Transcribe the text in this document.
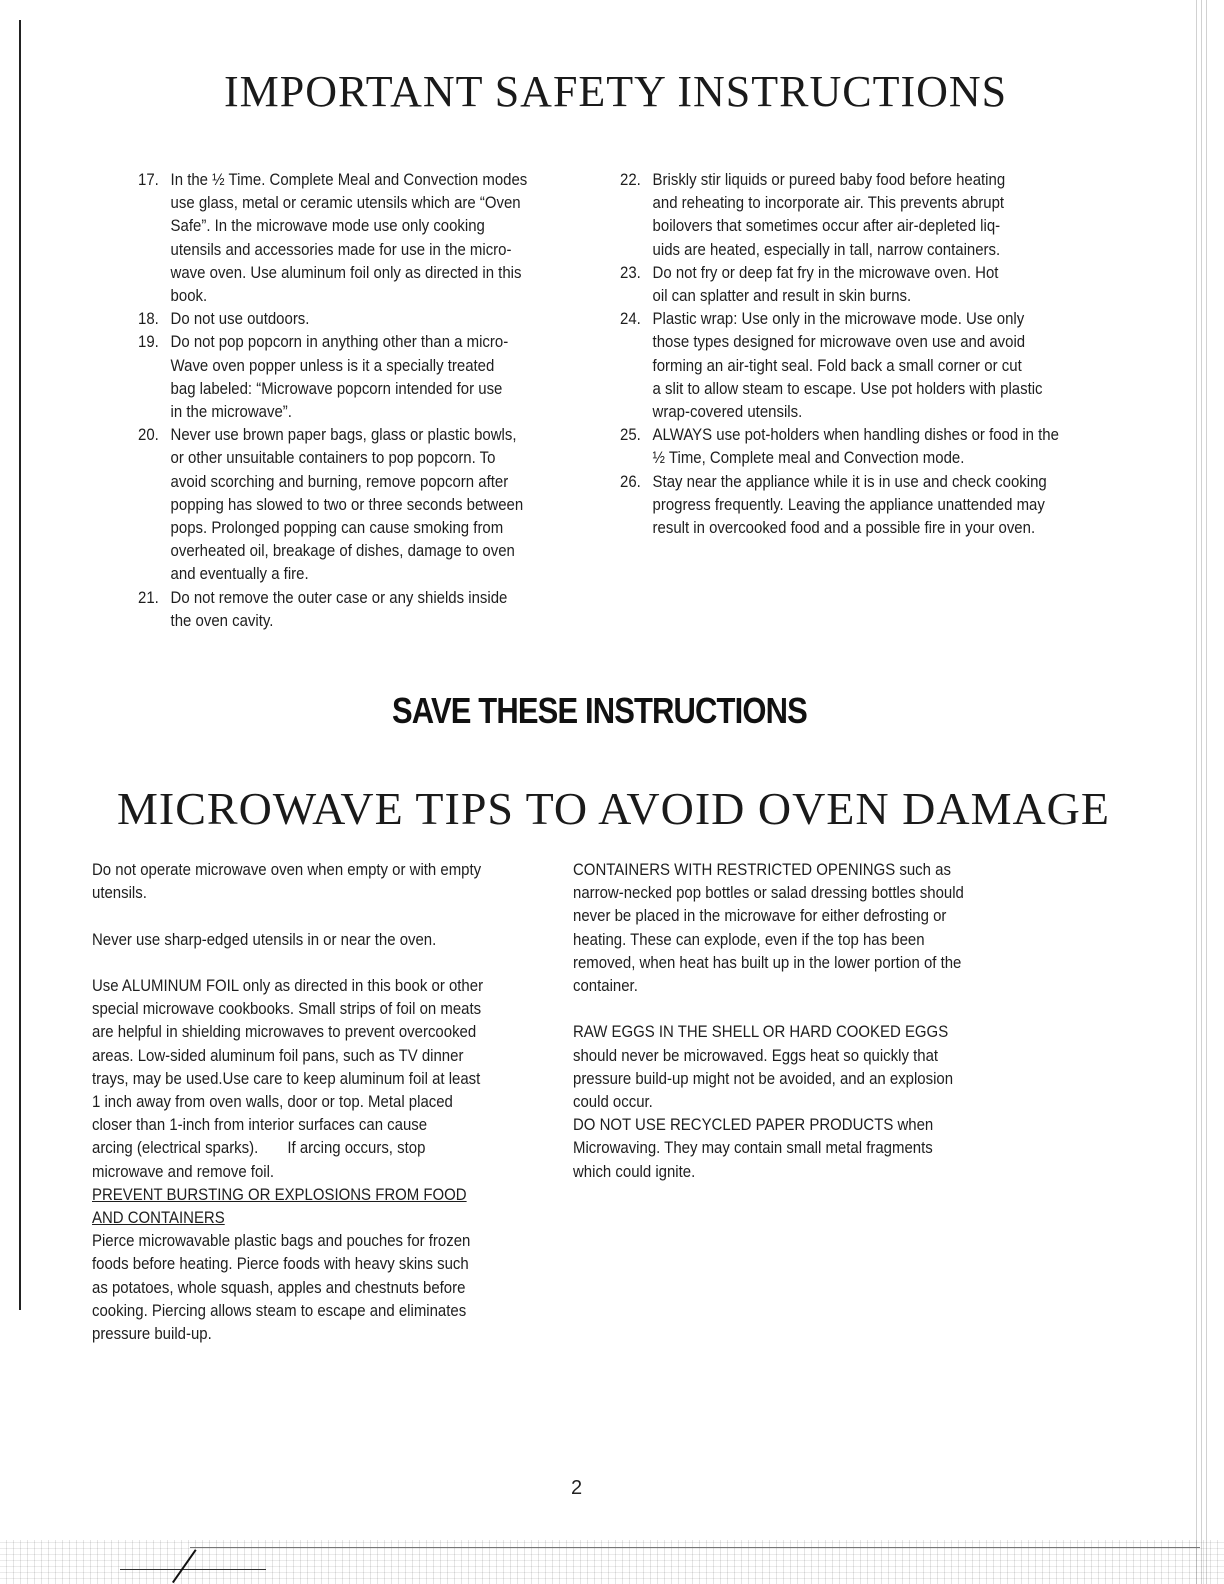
IMPORTANT SAFETY INSTRUCTIONS
17. In the ½ Time. Complete Meal and Convection modes
use glass, metal or ceramic utensils which are “Oven
Safe”. In the microwave mode use only cooking
utensils and accessories made for use in the micro-
wave oven. Use aluminum foil only as directed in this
book.
18. Do not use outdoors.
19. Do not pop popcorn in anything other than a micro-
Wave oven popper unless is it a specially treated
bag labeled: “Microwave popcorn intended for use
in the microwave”.
20. Never use brown paper bags, glass or plastic bowls,
or other unsuitable containers to pop popcorn. To
avoid scorching and burning, remove popcorn after
popping has slowed to two or three seconds between
pops. Prolonged popping can cause smoking from
overheated oil, breakage of dishes, damage to oven
and eventually a fire.
21. Do not remove the outer case or any shields inside
the oven cavity.
22. Briskly stir liquids or pureed baby food before heating
and reheating to incorporate air. This prevents abrupt
boilovers that sometimes occur after air-depleted liq-
uids are heated, especially in tall, narrow containers.
23. Do not fry or deep fat fry in the microwave oven. Hot
oil can splatter and result in skin burns.
24. Plastic wrap: Use only in the microwave mode. Use only
those types designed for microwave oven use and avoid
forming an air-tight seal. Fold back a small corner or cut
a slit to allow steam to escape. Use pot holders with plastic
wrap-covered utensils.
25. ALWAYS use pot-holders when handling dishes or food in the
½ Time, Complete meal and Convection mode.
26. Stay near the appliance while it is in use and check cooking
progress frequently. Leaving the appliance unattended may
result in overcooked food and a possible fire in your oven.
SAVE THESE INSTRUCTIONS
MICROWAVE TIPS TO AVOID OVEN DAMAGE
Do not operate microwave oven when empty or with empty
utensils.
Never use sharp-edged utensils in or near the oven.
Use ALUMINUM FOIL only as directed in this book or other
special microwave cookbooks. Small strips of foil on meats
are helpful in shielding microwaves to prevent overcooked
areas. Low-sided aluminum foil pans, such as TV dinner
trays, may be used.Use care to keep aluminum foil at least
1 inch away from oven walls, door or top. Metal placed
closer than 1-inch from interior surfaces can cause
arcing (electrical sparks).       If arcing occurs, stop
microwave and remove foil.
PREVENT BURSTING OR EXPLOSIONS FROM FOOD
AND CONTAINERS
Pierce microwavable plastic bags and pouches for frozen
foods before heating. Pierce foods with heavy skins such
as potatoes, whole squash, apples and chestnuts before
cooking. Piercing allows steam to escape and eliminates
pressure build-up.
CONTAINERS WITH RESTRICTED OPENINGS such as
narrow-necked pop bottles or salad dressing bottles should
never be placed in the microwave for either defrosting or
heating. These can explode, even if the top has been
removed, when heat has built up in the lower portion of the
container.
RAW EGGS IN THE SHELL OR HARD COOKED EGGS
should never be microwaved. Eggs heat so quickly that
pressure build-up might not be avoided, and an explosion
could occur.
DO NOT USE RECYCLED PAPER PRODUCTS when
Microwaving. They may contain small metal fragments
which could ignite.
2
